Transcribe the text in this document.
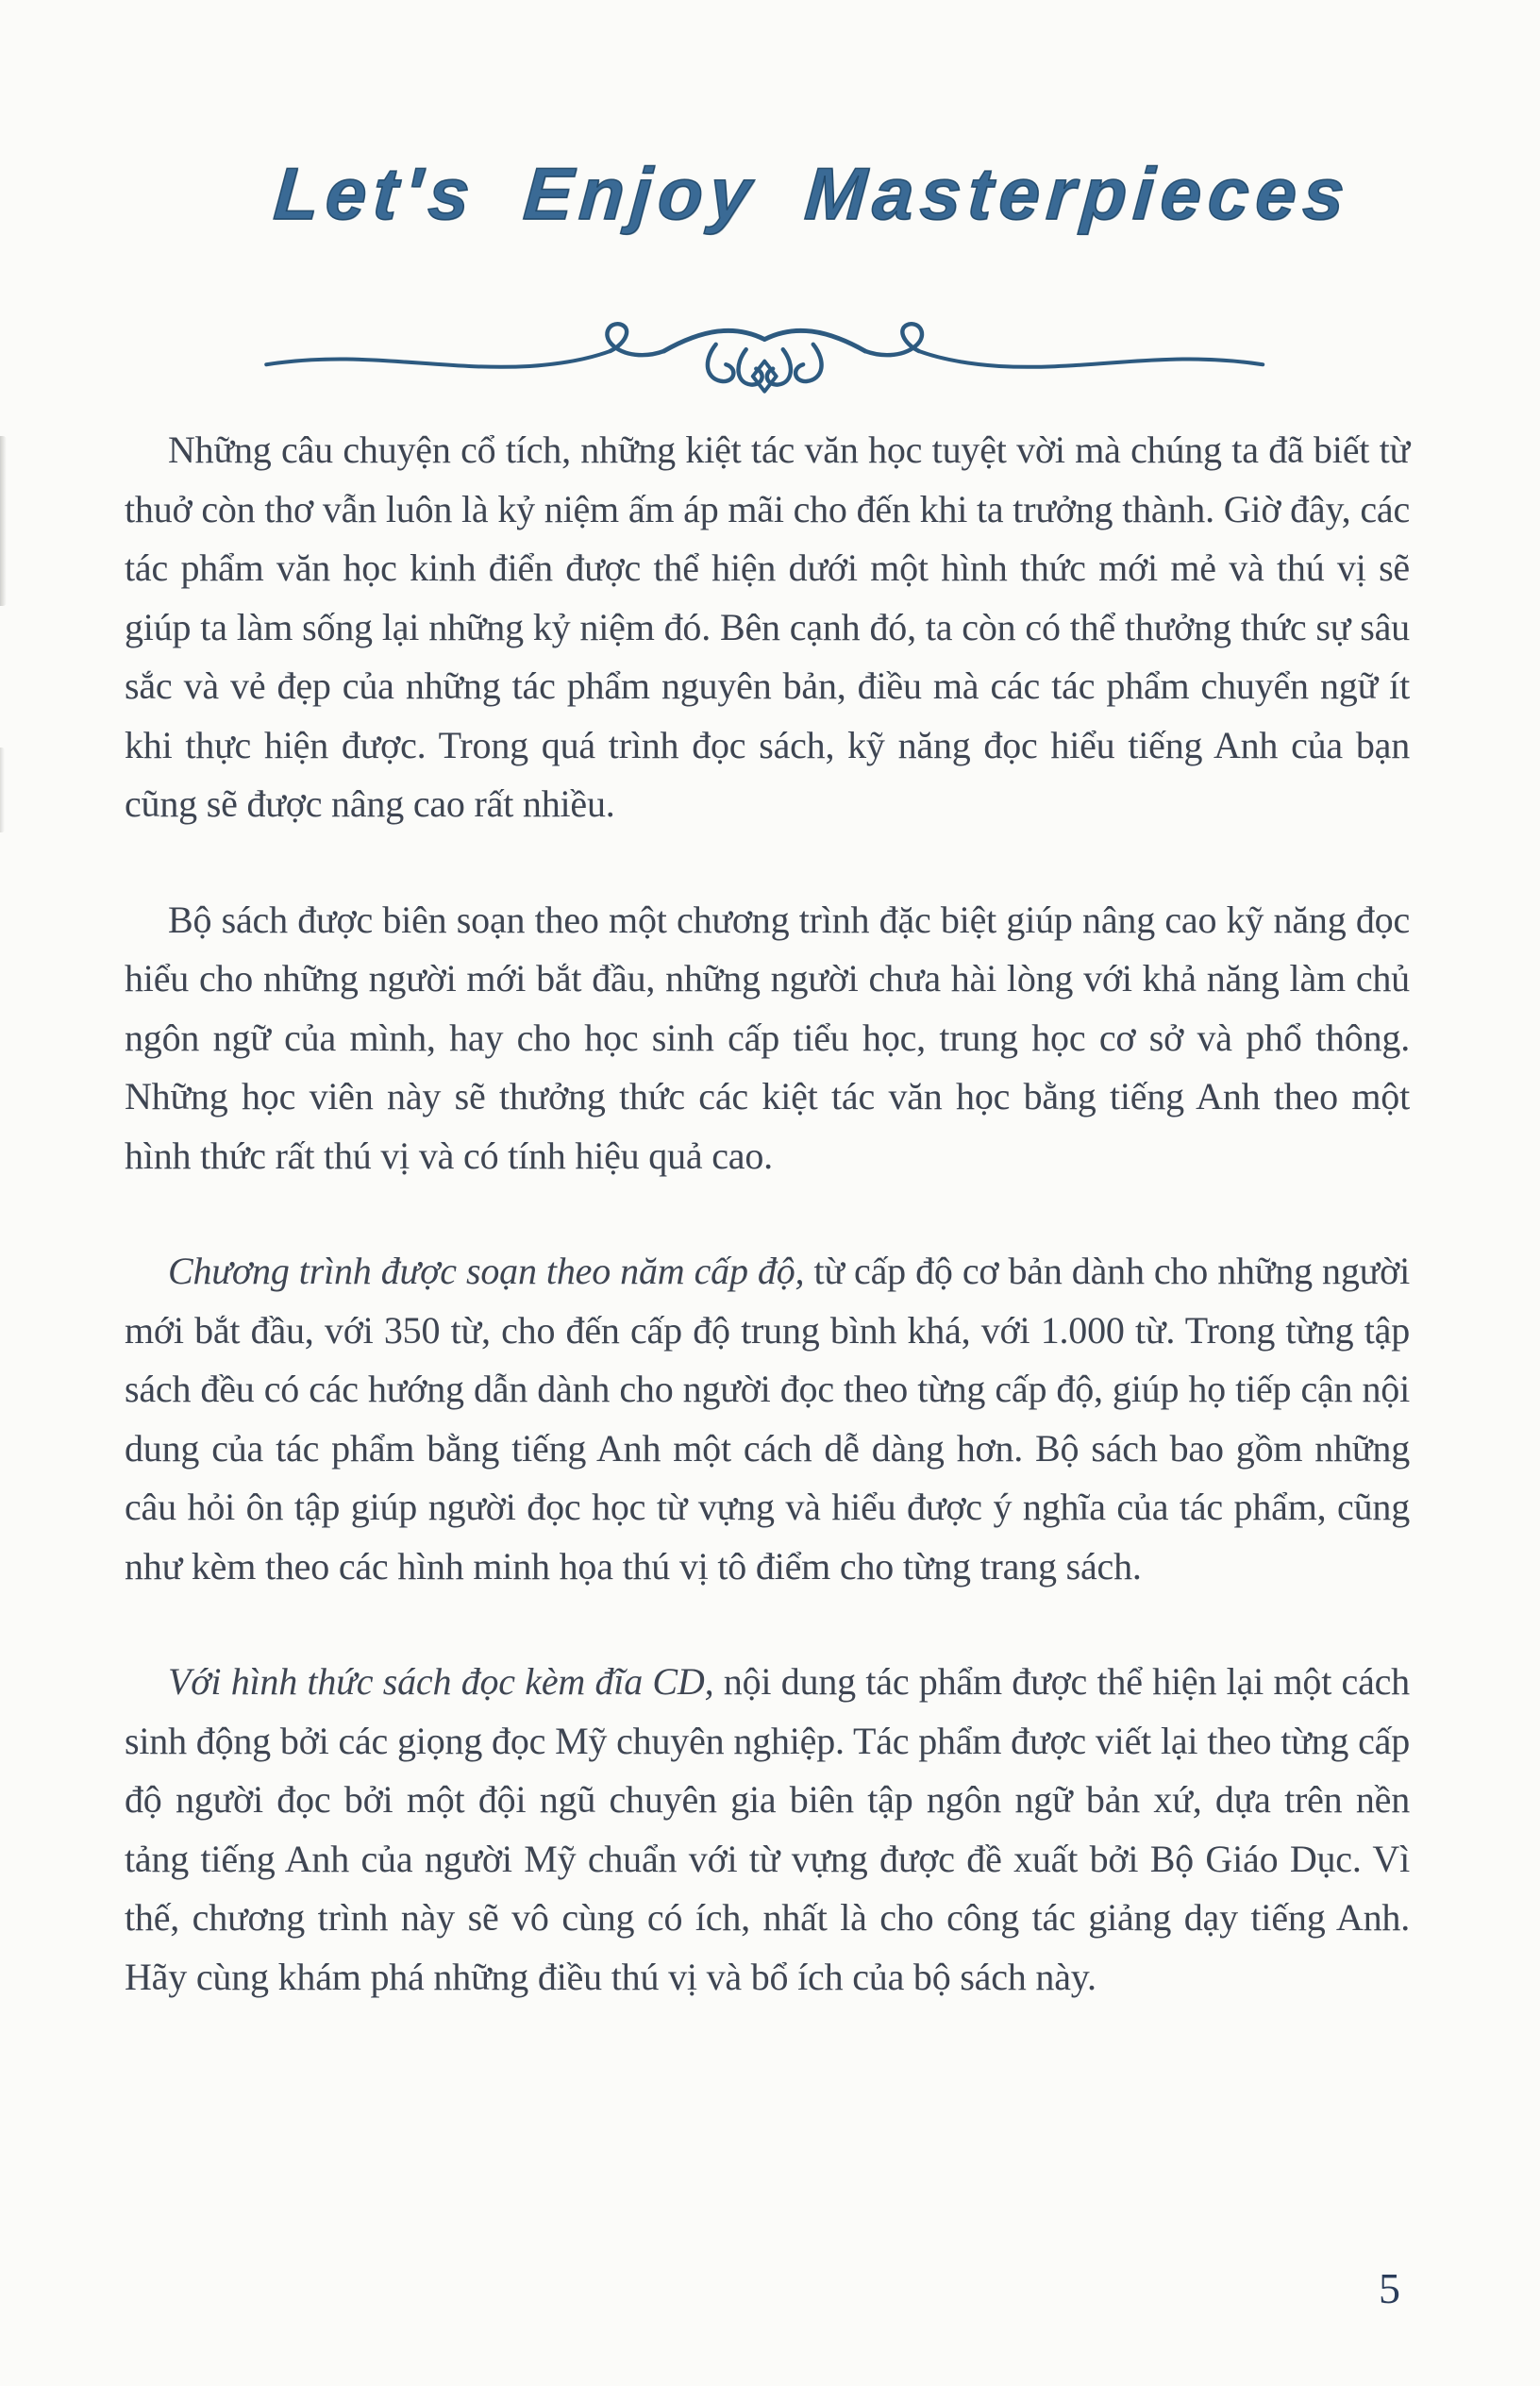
Let's Enjoy Masterpieces

Những câu chuyện cổ tích, những kiệt tác văn học tuyệt vời mà chúng ta đã biết từ thuở còn thơ vẫn luôn là kỷ niệm ấm áp mãi cho đến khi ta trưởng thành. Giờ đây, các tác phẩm văn học kinh điển được thể hiện dưới một hình thức mới mẻ và thú vị sẽ giúp ta làm sống lại những kỷ niệm đó. Bên cạnh đó, ta còn có thể thưởng thức sự sâu sắc và vẻ đẹp của những tác phẩm nguyên bản, điều mà các tác phẩm chuyển ngữ ít khi thực hiện được. Trong quá trình đọc sách, kỹ năng đọc hiểu tiếng Anh của bạn cũng sẽ được nâng cao rất nhiều.

Bộ sách được biên soạn theo một chương trình đặc biệt giúp nâng cao kỹ năng đọc hiểu cho những người mới bắt đầu, những người chưa hài lòng với khả năng làm chủ ngôn ngữ của mình, hay cho học sinh cấp tiểu học, trung học cơ sở và phổ thông. Những học viên này sẽ thưởng thức các kiệt tác văn học bằng tiếng Anh theo một hình thức rất thú vị và có tính hiệu quả cao.

Chương trình được soạn theo năm cấp độ, từ cấp độ cơ bản dành cho những người mới bắt đầu, với 350 từ, cho đến cấp độ trung bình khá, với 1.000 từ. Trong từng tập sách đều có các hướng dẫn dành cho người đọc theo từng cấp độ, giúp họ tiếp cận nội dung của tác phẩm bằng tiếng Anh một cách dễ dàng hơn. Bộ sách bao gồm những câu hỏi ôn tập giúp người đọc học từ vựng và hiểu được ý nghĩa của tác phẩm, cũng như kèm theo các hình minh họa thú vị tô điểm cho từng trang sách.

Với hình thức sách đọc kèm đĩa CD, nội dung tác phẩm được thể hiện lại một cách sinh động bởi các giọng đọc Mỹ chuyên nghiệp. Tác phẩm được viết lại theo từng cấp độ người đọc bởi một đội ngũ chuyên gia biên tập ngôn ngữ bản xứ, dựa trên nền tảng tiếng Anh của người Mỹ chuẩn với từ vựng được đề xuất bởi Bộ Giáo Dục. Vì thế, chương trình này sẽ vô cùng có ích, nhất là cho công tác giảng dạy tiếng Anh. Hãy cùng khám phá những điều thú vị và bổ ích của bộ sách này.

5
